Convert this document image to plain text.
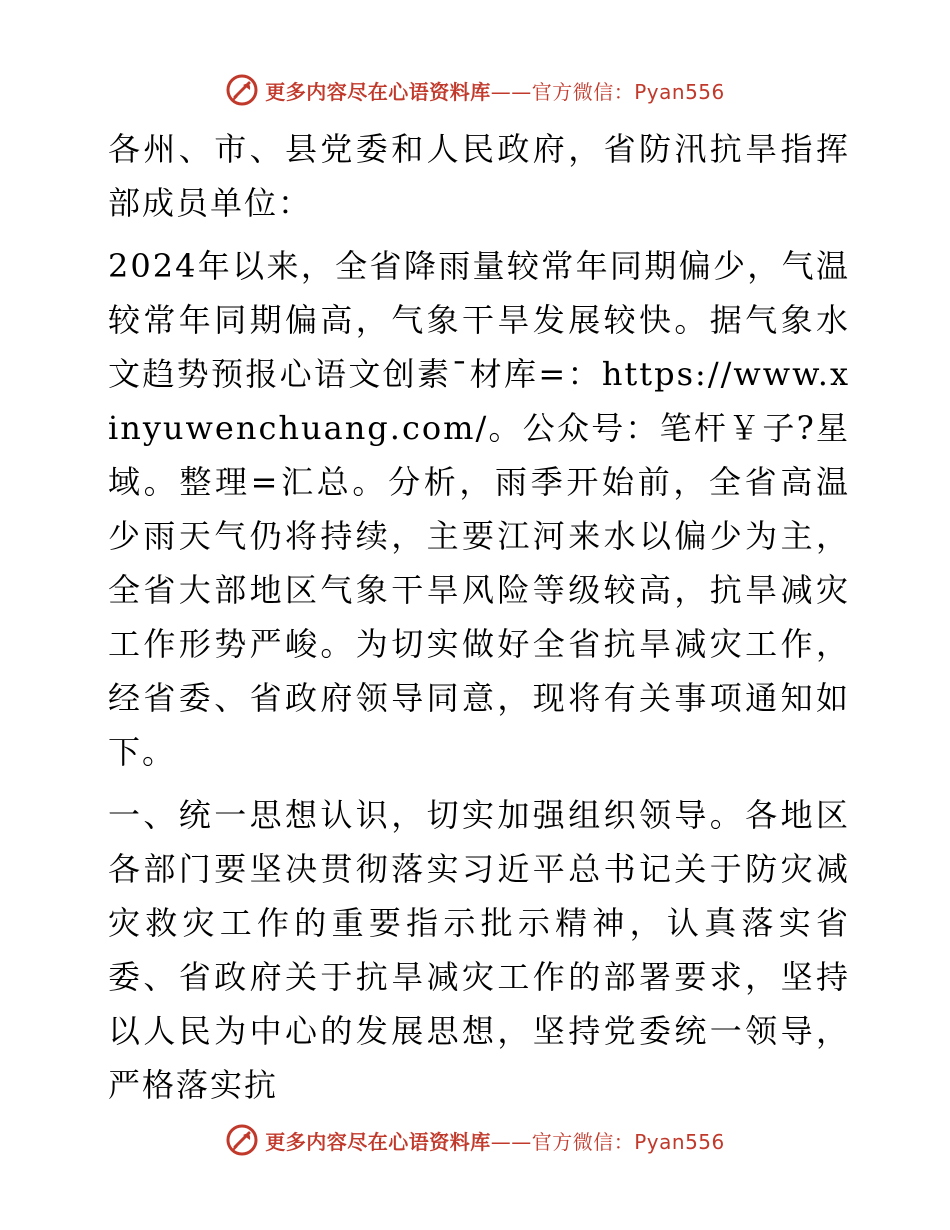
更多内容尽在心语资料库——官方微信：Pyan556

各州、市、县党委和人民政府，省防汛抗旱指挥部成员单位：

2024年以来，全省降雨量较常年同期偏少，气温较常年同期偏高，气象干旱发展较快。据气象水文趋势预报心语文创素¯材库=：https://www.xinyuwenchuang.com/。公众号：笔杆￥子?星域。整理=汇总。分析，雨季开始前，全省高温少雨天气仍将持续，主要江河来水以偏少为主，全省大部地区气象干旱风险等级较高，抗旱减灾工作形势严峻。为切实做好全省抗旱减灾工作，经省委、省政府领导同意，现将有关事项通知如下。

一、统一思想认识，切实加强组织领导。各地区各部门要坚决贯彻落实习近平总书记关于防灾减灾救灾工作的重要指示批示精神，认真落实省委、省政府关于抗旱减灾工作的部署要求，坚持以人民为中心的发展思想，坚持党委统一领导，严格落实抗

更多内容尽在心语资料库——官方微信：Pyan556
